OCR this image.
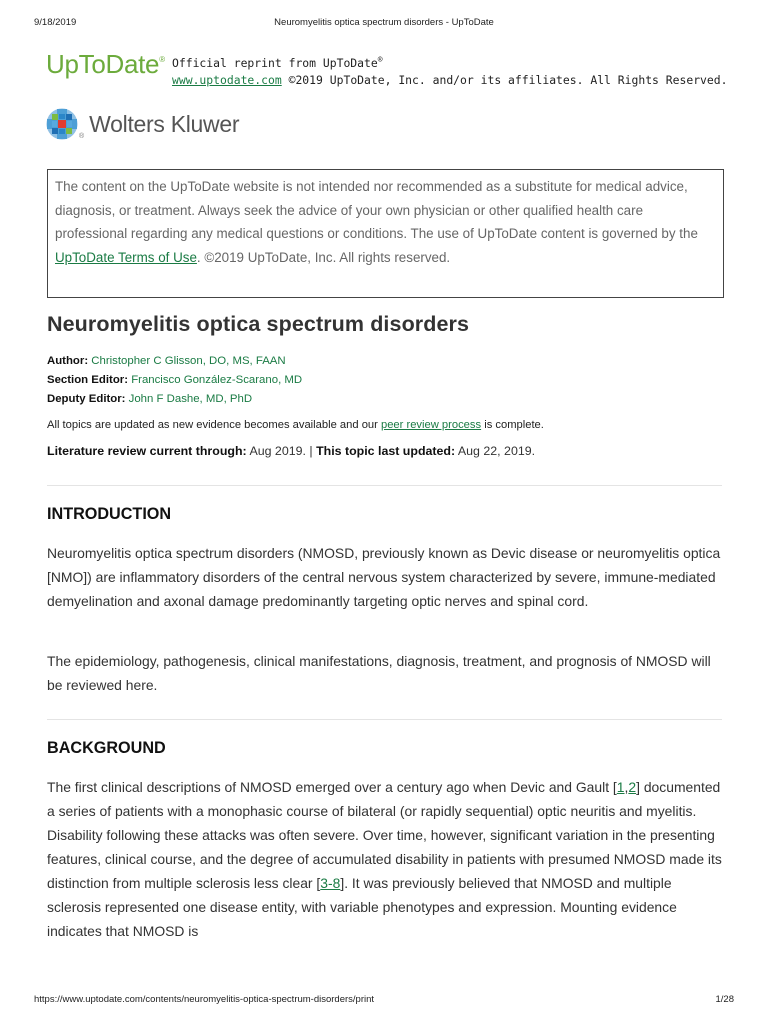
9/18/2019	Neuromyelitis optica spectrum disorders - UpToDate
UpToDate® Official reprint from UpToDate®
www.uptodate.com ©2019 UpToDate, Inc. and/or its affiliates. All Rights Reserved.
® Wolters Kluwer
The content on the UpToDate website is not intended nor recommended as a substitute for medical advice, diagnosis, or treatment. Always seek the advice of your own physician or other qualified health care professional regarding any medical questions or conditions. The use of UpToDate content is governed by the UpToDate Terms of Use. ©2019 UpToDate, Inc. All rights reserved.
Neuromyelitis optica spectrum disorders
Author: Christopher C Glisson, DO, MS, FAAN
Section Editor: Francisco González-Scarano, MD
Deputy Editor: John F Dashe, MD, PhD
All topics are updated as new evidence becomes available and our peer review process is complete.
Literature review current through: Aug 2019. | This topic last updated: Aug 22, 2019.
INTRODUCTION

Neuromyelitis optica spectrum disorders (NMOSD, previously known as Devic disease or neuromyelitis optica [NMO]) are inflammatory disorders of the central nervous system characterized by severe, immune-mediated demyelination and axonal damage predominantly targeting optic nerves and spinal cord.

The epidemiology, pathogenesis, clinical manifestations, diagnosis, treatment, and prognosis of NMOSD will be reviewed here.

BACKGROUND

The first clinical descriptions of NMOSD emerged over a century ago when Devic and Gault [1,2] documented a series of patients with a monophasic course of bilateral (or rapidly sequential) optic neuritis and myelitis. Disability following these attacks was often severe. Over time, however, significant variation in the presenting features, clinical course, and the degree of accumulated disability in patients with presumed NMOSD made its distinction from multiple sclerosis less clear [3-8]. It was previously believed that NMOSD and multiple sclerosis represented one disease entity, with variable phenotypes and expression. Mounting evidence indicates that NMOSD is

https://www.uptodate.com/contents/neuromyelitis-optica-spectrum-disorders/print	1/28
